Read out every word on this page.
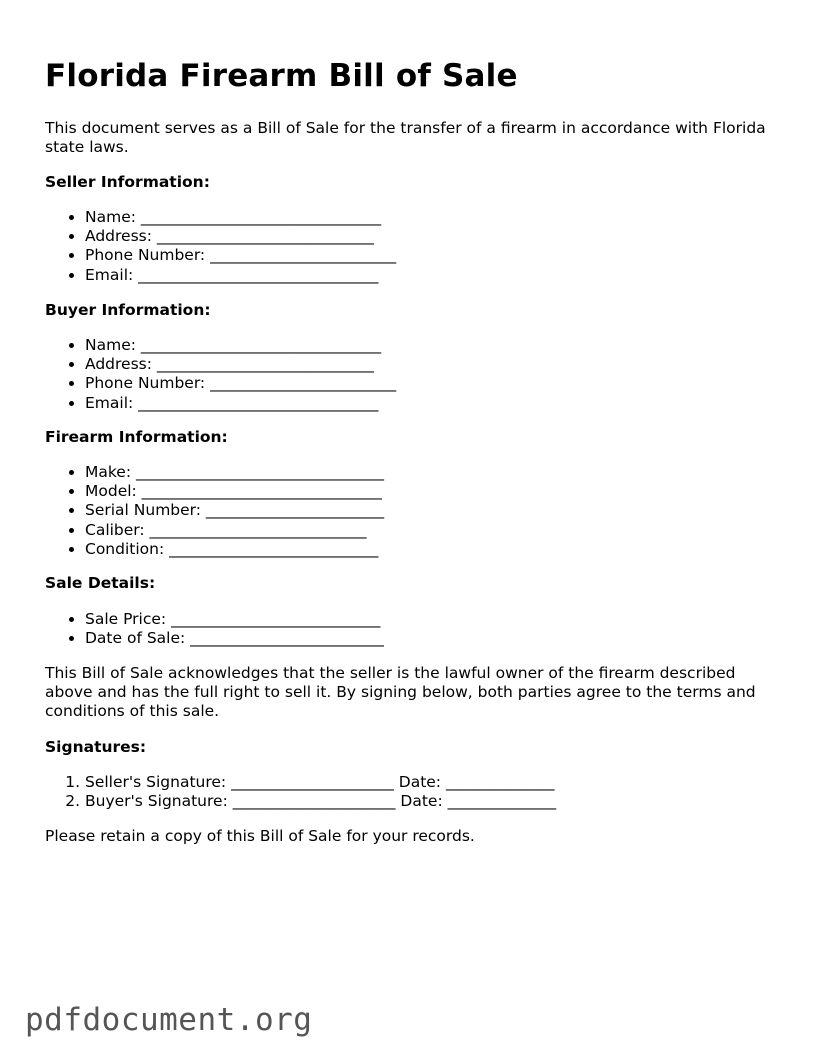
Florida Firearm Bill of Sale

This document serves as a Bill of Sale for the transfer of a firearm in accordance with Florida state laws.

Seller Information:
• Name: _______________________________
• Address: ____________________________
• Phone Number: ________________________
• Email: _______________________________
Buyer Information:
• Name: _______________________________
• Address: ____________________________
• Phone Number: ________________________
• Email: _______________________________
Firearm Information:
• Make: ________________________________
• Model: _______________________________
• Serial Number: _______________________
• Caliber: ____________________________
• Condition: ___________________________
Sale Details:
• Sale Price: ___________________________
• Date of Sale: _________________________

This Bill of Sale acknowledges that the seller is the lawful owner of the firearm described above and has the full right to sell it. By signing below, both parties agree to the terms and conditions of this sale.

Signatures:
1. Seller's Signature: _____________________ Date: ______________
2. Buyer's Signature: _____________________ Date: ______________

Please retain a copy of this Bill of Sale for your records.

pdfdocument.org
